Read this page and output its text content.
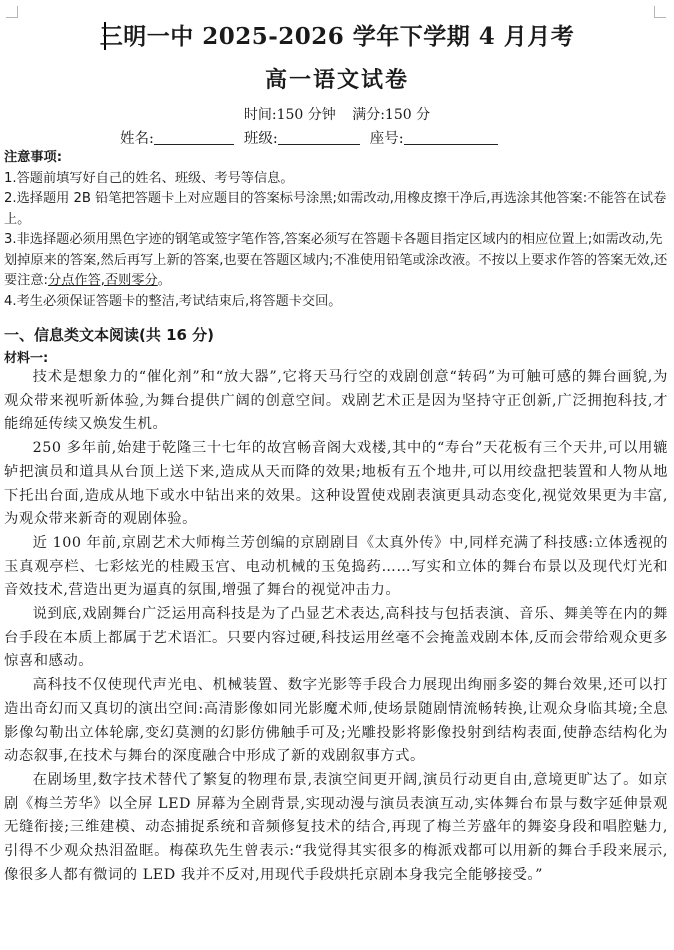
三明一中 2025-2026 学年下学期 4 月月考
高一语文试卷
时间:150 分钟 满分:150 分
姓名:	班级:	座号:

注意事项:

1.答题前填写好自己的姓名、班级、考号等信息。

2.选择题用 2B 铅笔把答题卡上对应题目的答案标号涂黑;如需改动,用橡皮擦干净后,再选涂其他答案:不能答在试卷上。

3.非选择题必须用黑色字迹的钢笔或签字笔作答,答案必须写在答题卡各题目指定区域内的相应位置上;如需改动,先划掉原来的答案,然后再写上新的答案,也要在答题区域内;不准使用铅笔或涂改液。不按以上要求作答的答案无效,还要注意:分点作答,否则零分。

4.考生必须保证答题卡的整洁,考试结束后,将答题卡交回。

一、信息类文本阅读(共 16 分)
材料一:

技术是想象力的“催化剂”和“放大器”,它将天马行空的戏剧创意“转码”为可触可感的舞台画貌,为观众带来视听新体验,为舞台提供广阔的创意空间。戏剧艺术正是因为坚持守正创新,广泛拥抱科技,才能绵延传续又焕发生机。

250 多年前,始建于乾隆三十七年的故宫畅音阁大戏楼,其中的“寿台”天花板有三个天井,可以用辘轳把演员和道具从台顶上送下来,造成从天而降的效果;地板有五个地井,可以用绞盘把装置和人物从地下托出台面,造成从地下或水中钻出来的效果。这种设置使戏剧表演更具动态变化,视觉效果更为丰富,为观众带来新奇的观剧体验。

近 100 年前,京剧艺术大师梅兰芳创编的京剧剧目《太真外传》中,同样充满了科技感:立体透视的玉真观亭栏、七彩炫光的桂殿玉宫、电动机械的玉兔捣药……写实和立体的舞台布景以及现代灯光和音效技术,营造出更为逼真的氛围,增强了舞台的视觉冲击力。

说到底,戏剧舞台广泛运用高科技是为了凸显艺术表达,高科技与包括表演、音乐、舞美等在内的舞台手段在本质上都属于艺术语汇。只要内容过硬,科技运用丝毫不会掩盖戏剧本体,反而会带给观众更多惊喜和感动。

高科技不仅使现代声光电、机械装置、数字光影等手段合力展现出绚丽多姿的舞台效果,还可以打造出奇幻而又真切的演出空间:高清影像如同光影魔术师,使场景随剧情流畅转换,让观众身临其境;全息影像勾勒出立体轮廓,变幻莫测的幻影仿佛触手可及;光雕投影将影像投射到结构表面,使静态结构化为动态叙事,在技术与舞台的深度融合中形成了新的戏剧叙事方式。

在剧场里,数字技术替代了繁复的物理布景,表演空间更开阔,演员行动更自由,意境更旷达了。如京剧《梅兰芳华》以全屏 LED 屏幕为全剧背景,实现动漫与演员表演互动,实体舞台布景与数字延伸景观无缝衔接;三维建模、动态捕捉系统和音频修复技术的结合,再现了梅兰芳盛年的舞姿身段和唱腔魅力,引得不少观众热泪盈眶。梅葆玖先生曾表示:“我觉得其实很多的梅派戏都可以用新的舞台手段来展示,像很多人都有微词的 LED 我并不反对,用现代手段烘托京剧本身我完全能够接受。”
